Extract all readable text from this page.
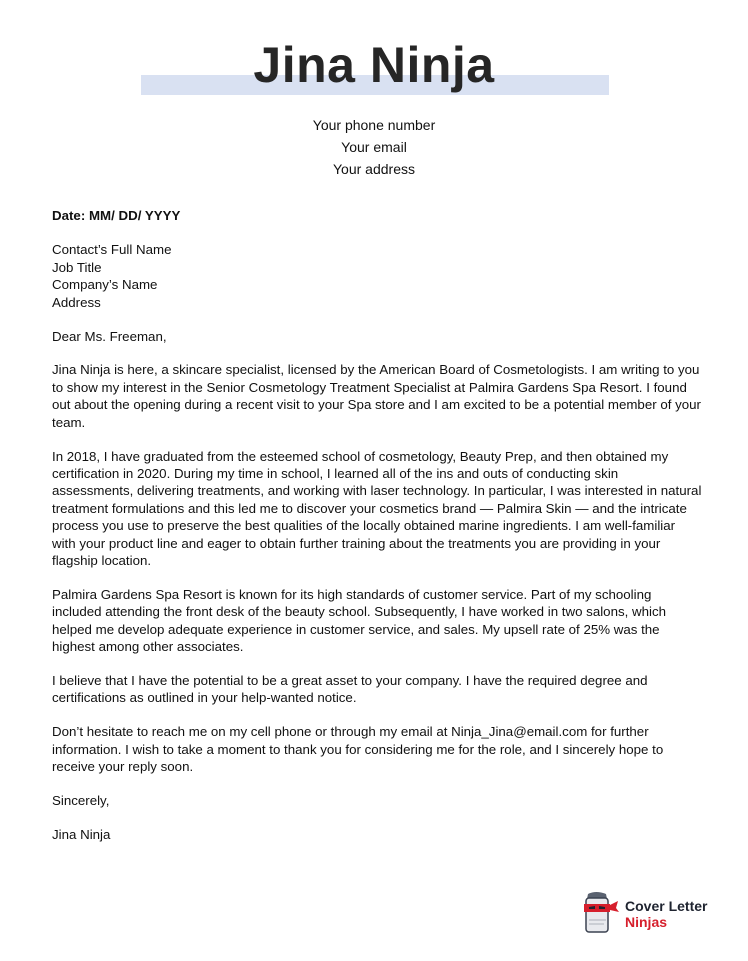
Jina Ninja
Your phone number
Your email
Your address
Date: MM/ DD/ YYYY
Contact’s Full Name
Job Title
Company’s Name
Address

Dear Ms. Freeman,

Jina Ninja is here, a skincare specialist, licensed by the American Board of Cosmetologists. I am writing to you to show my interest in the Senior Cosmetology Treatment Specialist at Palmira Gardens Spa Resort. I found out about the opening during a recent visit to your Spa store and I am excited to be a potential member of your team.

In 2018, I have graduated from the esteemed school of cosmetology, Beauty Prep, and then obtained my certification in 2020. During my time in school, I learned all of the ins and outs of conducting skin assessments, delivering treatments, and working with laser technology. In particular, I was interested in natural treatment formulations and this led me to discover your cosmetics brand — Palmira Skin — and the intricate process you use to preserve the best qualities of the locally obtained marine ingredients. I am well-familiar with your product line and eager to obtain further training about the treatments you are providing in your flagship location.

Palmira Gardens Spa Resort is known for its high standards of customer service. Part of my schooling included attending the front desk of the beauty school. Subsequently, I have worked in two salons, which helped me develop adequate experience in customer service, and sales. My upsell rate of 25% was the highest among other associates.

I believe that I have the potential to be a great asset to your company. I have the required degree and certifications as outlined in your help-wanted notice.

Don’t hesitate to reach me on my cell phone or through my email at Ninja_Jina@email.com for further information. I wish to take a moment to thank you for considering me for the role, and I sincerely hope to receive your reply soon.

Sincerely,

Jina Ninja

Cover Letter
Ninjas
